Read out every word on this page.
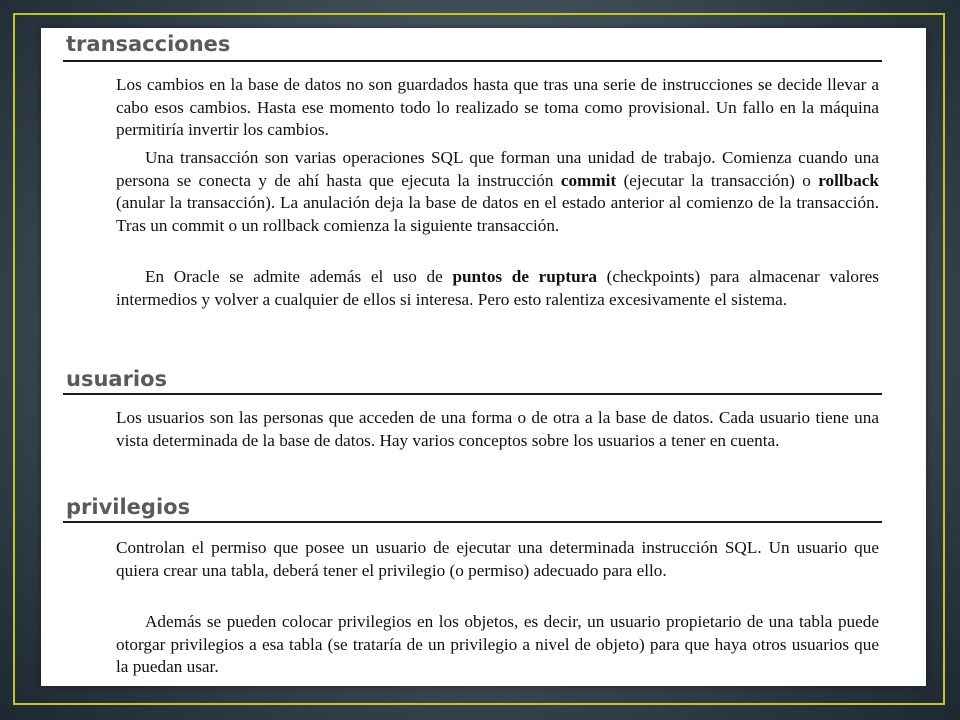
transacciones

Los cambios en la base de datos no son guardados hasta que tras una serie de instrucciones se decide llevar a cabo esos cambios. Hasta ese momento todo lo realizado se toma como provisional. Un fallo en la máquina permitiría invertir los cambios.

Una transacción son varias operaciones SQL que forman una unidad de trabajo. Comienza cuando una persona se conecta y de ahí hasta que ejecuta la instrucción commit (ejecutar la transacción) o rollback (anular la transacción). La anulación deja la base de datos en el estado anterior al comienzo de la transacción. Tras un commit o un rollback comienza la siguiente transacción.

En Oracle se admite además el uso de puntos de ruptura (checkpoints) para almacenar valores intermedios y volver a cualquier de ellos si interesa. Pero esto ralentiza excesivamente el sistema.

usuarios

Los usuarios son las personas que acceden de una forma o de otra a la base de datos. Cada usuario tiene una vista determinada de la base de datos. Hay varios conceptos sobre los usuarios a tener en cuenta.

privilegios

Controlan el permiso que posee un usuario de ejecutar una determinada instrucción SQL. Un usuario que quiera crear una tabla, deberá tener el privilegio (o permiso) adecuado para ello.

Además se pueden colocar privilegios en los objetos, es decir, un usuario propietario de una tabla puede otorgar privilegios a esa tabla (se trataría de un privilegio a nivel de objeto) para que haya otros usuarios que la puedan usar.
